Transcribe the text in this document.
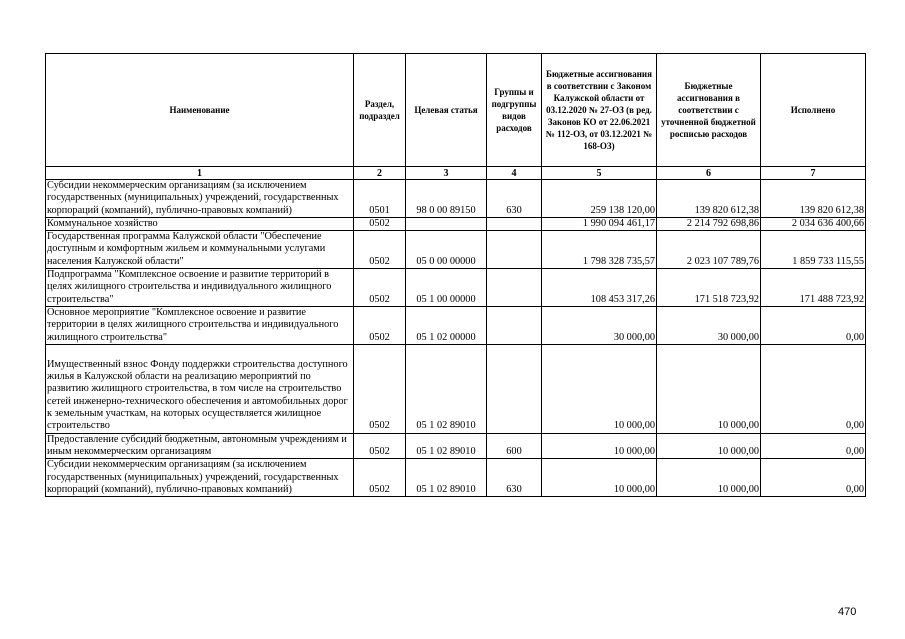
Наименование	Раздел, подраздел	Целевая статья	Группы и подгруппы видов расходов	Бюджетные ассигнования в соответствии с Законом Калужской области от 03.12.2020 № 27-ОЗ (в ред. Законов КО от 22.06.2021 № 112-ОЗ, от 03.12.2021 № 168-ОЗ)	Бюджетные ассигнования в соответствии с уточненной бюджетной росписью расходов	Исполнено
1	2	3	4	5	6	7
Субсидии некоммерческим организациям (за исключением государственных (муниципальных) учреждений, государственных корпораций (компаний), публично-правовых компаний)	0501	98 0 00 89150	630	259 138 120,00	139 820 612,38	139 820 612,38
Коммунальное хозяйство	0502			1 990 094 461,17	2 214 792 698,86	2 034 636 400,66
Государственная программа Калужской области "Обеспечение доступным и комфортным жильем и коммунальными услугами населения Калужской области"	0502	05 0 00 00000		1 798 328 735,57	2 023 107 789,76	1 859 733 115,55
Подпрограмма "Комплексное освоение и развитие территорий в целях жилищного строительства и индивидуального жилищного строительства"	0502	05 1 00 00000		108 453 317,26	171 518 723,92	171 488 723,92
Основное мероприятие "Комплексное освоение и развитие территории в целях жилищного строительства и индивидуального жилищного строительства"	0502	05 1 02 00000		30 000,00	30 000,00	0,00
Имущественный взнос Фонду поддержки строительства доступного жилья в Калужской области на реализацию мероприятий по развитию жилищного строительства, в том числе на строительство сетей инженерно-технического обеспечения и автомобильных дорог к земельным участкам, на которых осуществляется жилищное строительство	0502	05 1 02 89010		10 000,00	10 000,00	0,00
Предоставление субсидий бюджетным, автономным учреждениям и иным некоммерческим организациям	0502	05 1 02 89010	600	10 000,00	10 000,00	0,00
Субсидии некоммерческим организациям (за исключением государственных (муниципальных) учреждений, государственных корпораций (компаний), публично-правовых компаний)	0502	05 1 02 89010	630	10 000,00	10 000,00	0,00
470
